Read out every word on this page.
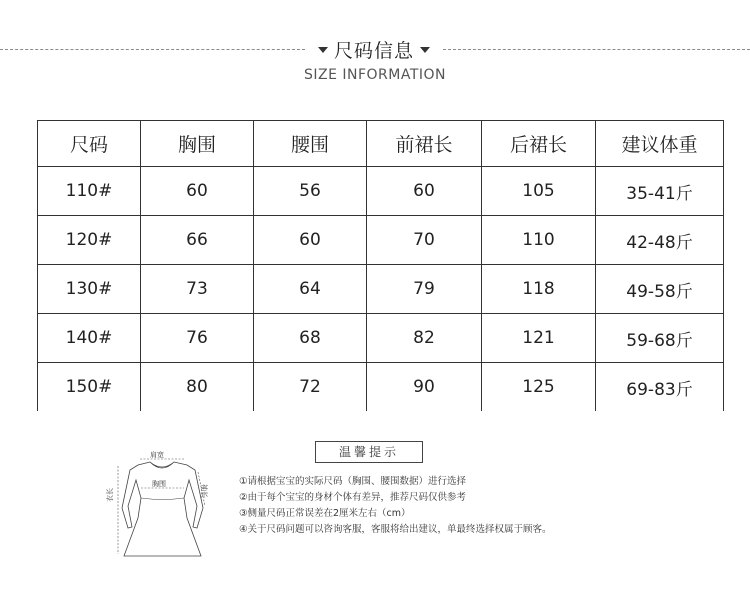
尺码信息
SIZE INFORMATION
尺码	胸围	腰围	前裙长	后裙长	建议体重
110#	60	56	60	105	35-41斤
120#	66	60	70	110	42-48斤
130#	73	64	79	118	49-58斤
140#	76	68	82	121	59-68斤
150#	80	72	90	125	69-83斤
肩宽
胸围	袖长
衣长
温馨提示
①请根据宝宝的实际尺码（胸围、腰围数据）进行选择
②由于每个宝宝的身材个体有差异，推荐尺码仅供参考
③侧量尺码正常误差在2厘米左右（cm）
④关于尺码问题可以咨询客服，客服将给出建议，单最终选择权属于顾客。
